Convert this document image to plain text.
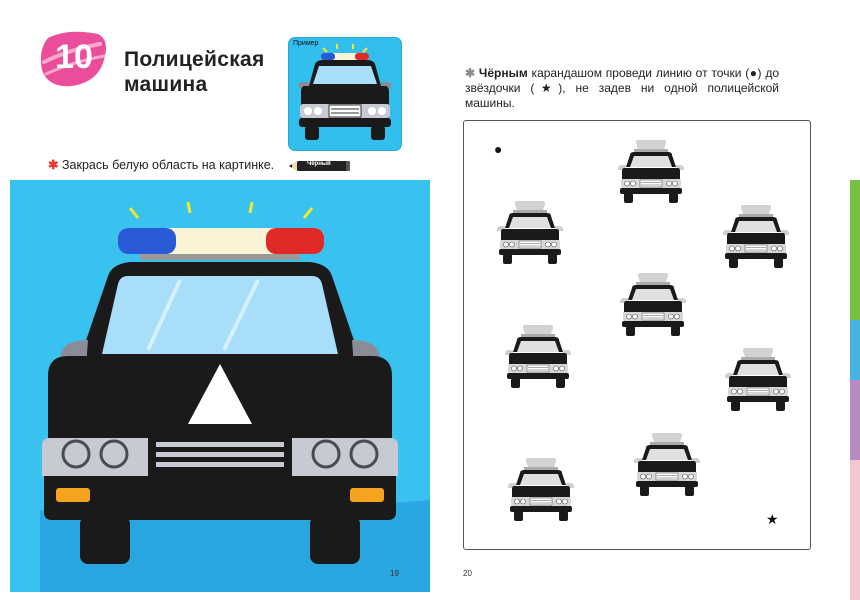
10	Полицейская
машина
Пример
✱ Закрась белую область на картинке.	Чёрный
19
✱ Чёрным карандашом проведи линию от точки (●) до звёздочки (★), не задев ни одной полицейской машины.
●
★
20
